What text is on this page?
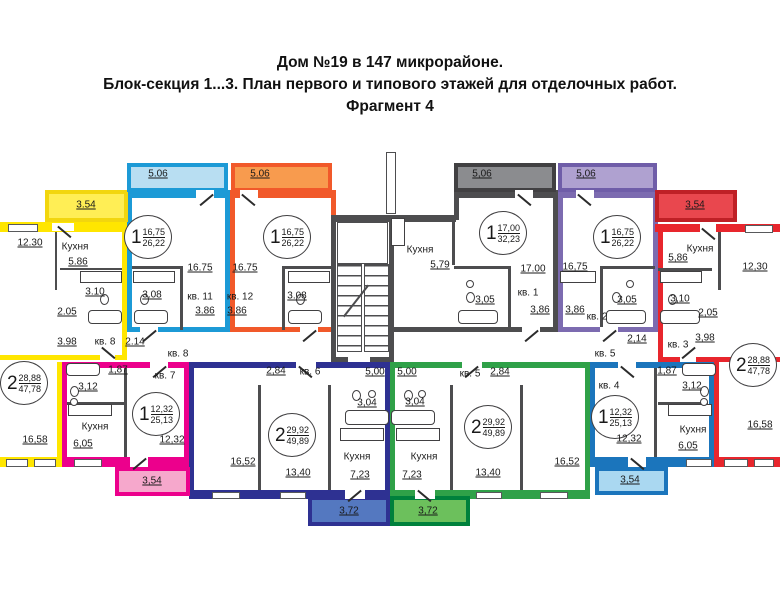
Дом №19 в 147 микрорайоне.
Блок-секция 1...3. План первого и типового этажей для отделочных работ.
Фрагмент 4
3.54
5.06	5.06	5,06	5,06
3,54
3,54
3,72	3,72
3,54
12.30 Кухня
5.86
3.10
2.05
3.98 кв. 8 2.14
кв. 8
16,58
16.75
кв. 11
3.86
3.08
16.75
кв. 12
3.86
3.08
Кухня
5,79	17.00
кв. 1
3,86
3,05
16,75
кв. 2
3,86
3,05
Кухня
5,86
12,30
3,10
2,05
3,98
кв. 3
2,14
16,58
кв. 7
1,87
3,12
Кухня
6,05	12,32
2,84 кв. 6	5,00
3,04
16,52
13,40
Кухня
7,23
5,00	кв. 5 2,84
3,04
13,40
16,52
Кухня
7,23
кв. 5
кв. 4
1,87
3,12
12,32
Кухня
6,05
1 16,75
26,22	1 16,75
26,22	1 17,00
32,23	1 16,75
26,22
2 28,88
47,78
2 28,88
47,78
1 12,32
25,13
2 29,92
49,89
2 29,92
49,89
1 12,32
25,13
